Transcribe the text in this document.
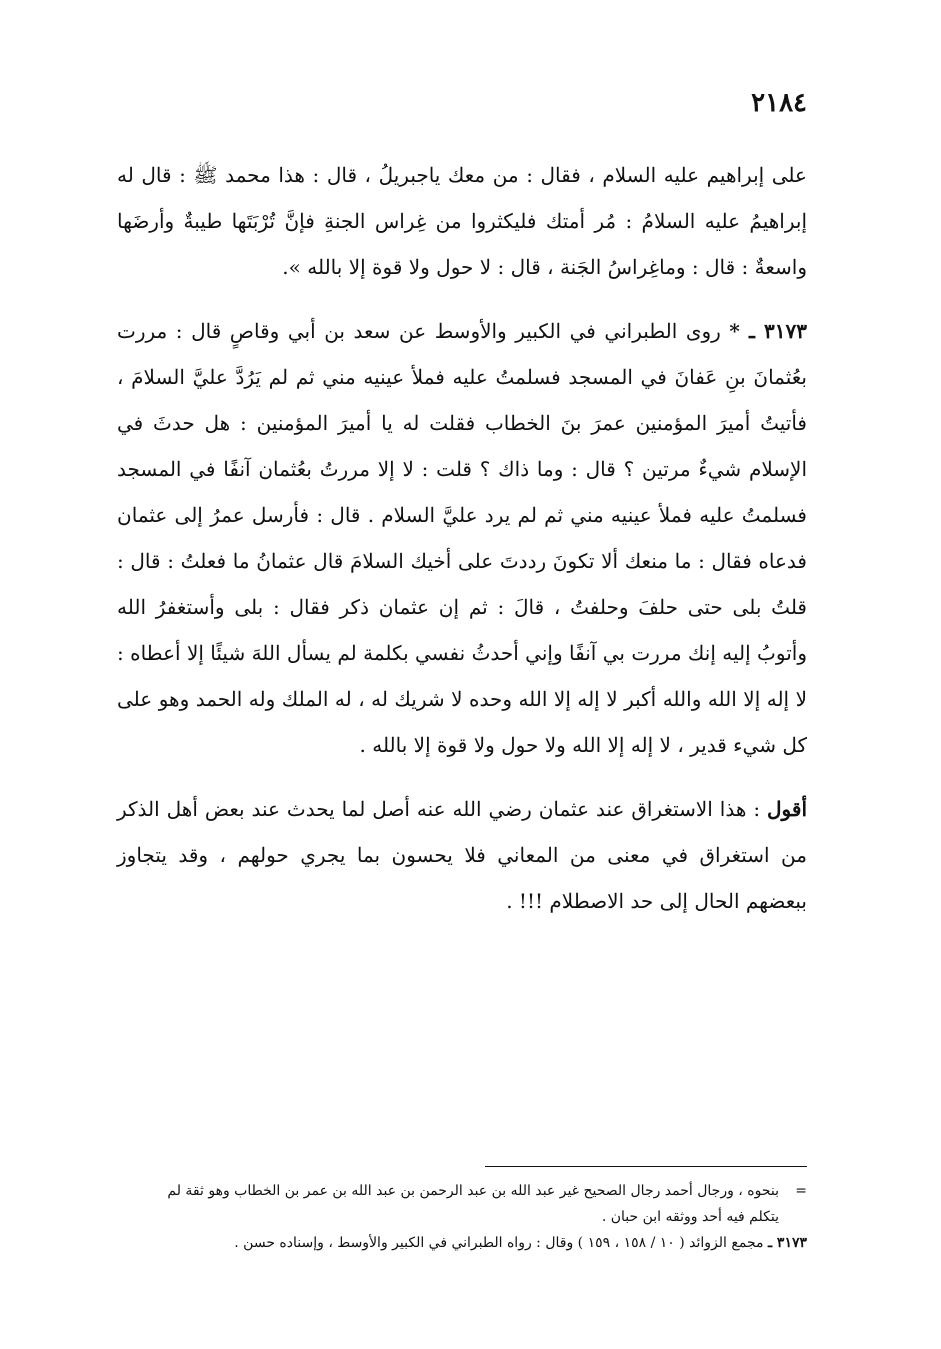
٢١٨٤

على إبراهيم عليه السلام ، فقال : من معك ياجبريلُ ، قال : هذا محمد ﷺ : قال له إبراهيمُ عليه السلامُ : مُر أمتك فليكثروا من غِراس الجنةِ فإنَّ تُرْبَتَها طيبةٌ وأرضَها واسعةٌ : قال : وماغِراسُ الجَنة ، قال : لا حول ولا قوة إلا بالله ».

٣١٧٣ ـ * روى الطبراني في الكبير والأوسط عن سعد بن أبي وقاصٍ قال : مررت بعُثمانَ بنِ عَفانَ في المسجد فسلمتُ عليه فملأ عينيه مني ثم لم يَرُدَّ عليَّ السلامَ ، فأتيتُ أميرَ المؤمنين عمرَ بنَ الخطاب فقلت له يا أميرَ المؤمنين : هل حدثَ في الإسلام شيءٌ مرتين ؟ قال : وما ذاك ؟ قلت : لا إلا مررتُ بعُثمان آنفًا في المسجد فسلمتُ عليه فملأ عينيه مني ثم لم يرد عليَّ السلام . قال : فأرسل عمرُ إلى عثمان فدعاه فقال : ما منعك ألا تكونَ رددتَ على أخيك السلامَ قال عثمانُ ما فعلتُ : قال : قلتُ بلى حتى حلفَ وحلفتُ ، قالَ : ثم إن عثمان ذكر فقال : بلى وأستغفرُ الله وأتوبُ إليه إنك مررت بي آنفًا وإني أحدثُ نفسي بكلمة لم يسأل اللهَ شيئًا إلا أعطاه : لا إله إلا الله والله أكبر لا إله إلا الله وحده لا شريك له ، له الملك وله الحمد وهو على كل شيء قدير ، لا إله إلا الله ولا حول ولا قوة إلا بالله .

أقول : هذا الاستغراق عند عثمان رضي الله عنه أصل لما يحدث عند بعض أهل الذكر من استغراق في معنى من المعاني فلا يحسون بما يجري حولهم ، وقد يتجاوز ببعضهم الحال إلى حد الاصطلام !!! .

=
بنحوه ، ورجال أحمد رجال الصحيح غير عبد الله بن عبد الرحمن بن عبد الله بن عمر بن الخطاب وهو ثقة لم

يتكلم فيه أحد ووثقه ابن حبان .

٣١٧٣ ـ مجمع الزوائد ( ١٠ / ١٥٨ ، ١٥٩ ) وقال : رواه الطبراني في الكبير والأوسط ، وإسناده حسن .
